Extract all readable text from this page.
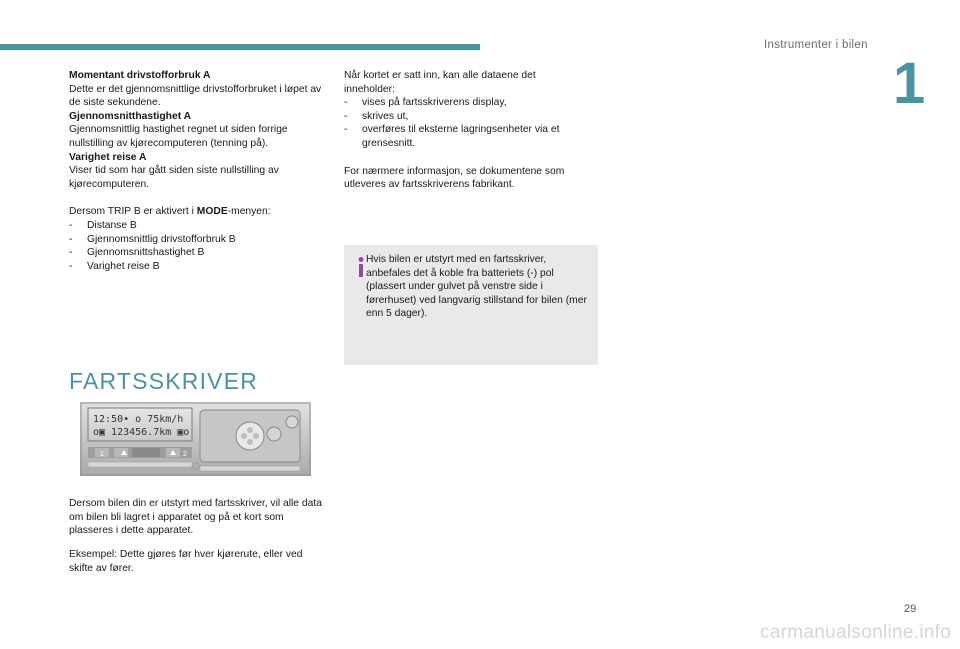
Instrumenter i bilen
1

Momentant drivstofforbruk A

Dette er det gjennomsnittlige drivstofforbruket i løpet av de siste sekundene.

Gjennomsnitthastighet A

Gjennomsnittlig hastighet regnet ut siden forrige nullstilling av kjørecomputeren (tenning på).

Varighet reise A

Viser tid som har gått siden siste nullstilling av kjørecomputeren.

Dersom TRIP B er aktivert i MODE-menyen:

- Distanse B
- Gjennomsnittlig drivstofforbruk B
- Gjennomsnittshastighet B
- Varighet reise B

Når kortet er satt inn, kan alle dataene det inneholder:

- vises på fartsskriverens display,
- skrives ut,
- overføres til eksterne lagringsenheter via et grensesnitt.

For nærmere informasjon, se dokumentene som utleveres av fartsskriverens fabrikant.

Hvis bilen er utstyrt med en fartsskriver, anbefales det å koble fra batteriets (-) pol (plassert under gulvet på venstre side i førerhuset) ved langvarig stillstand for bilen (mer enn 5 dager).
FARTSSKRIVER
12:50• o 75km/h
o▣ 123456.7km ▣o
1	2

Dersom bilen din er utstyrt med fartsskriver, vil alle data om bilen bli lagret i apparatet og på et kort som plasseres i dette apparatet.

Eksempel: Dette gjøres før hver kjørerute, eller ved skifte av fører.

29
carmanualsonline.info
